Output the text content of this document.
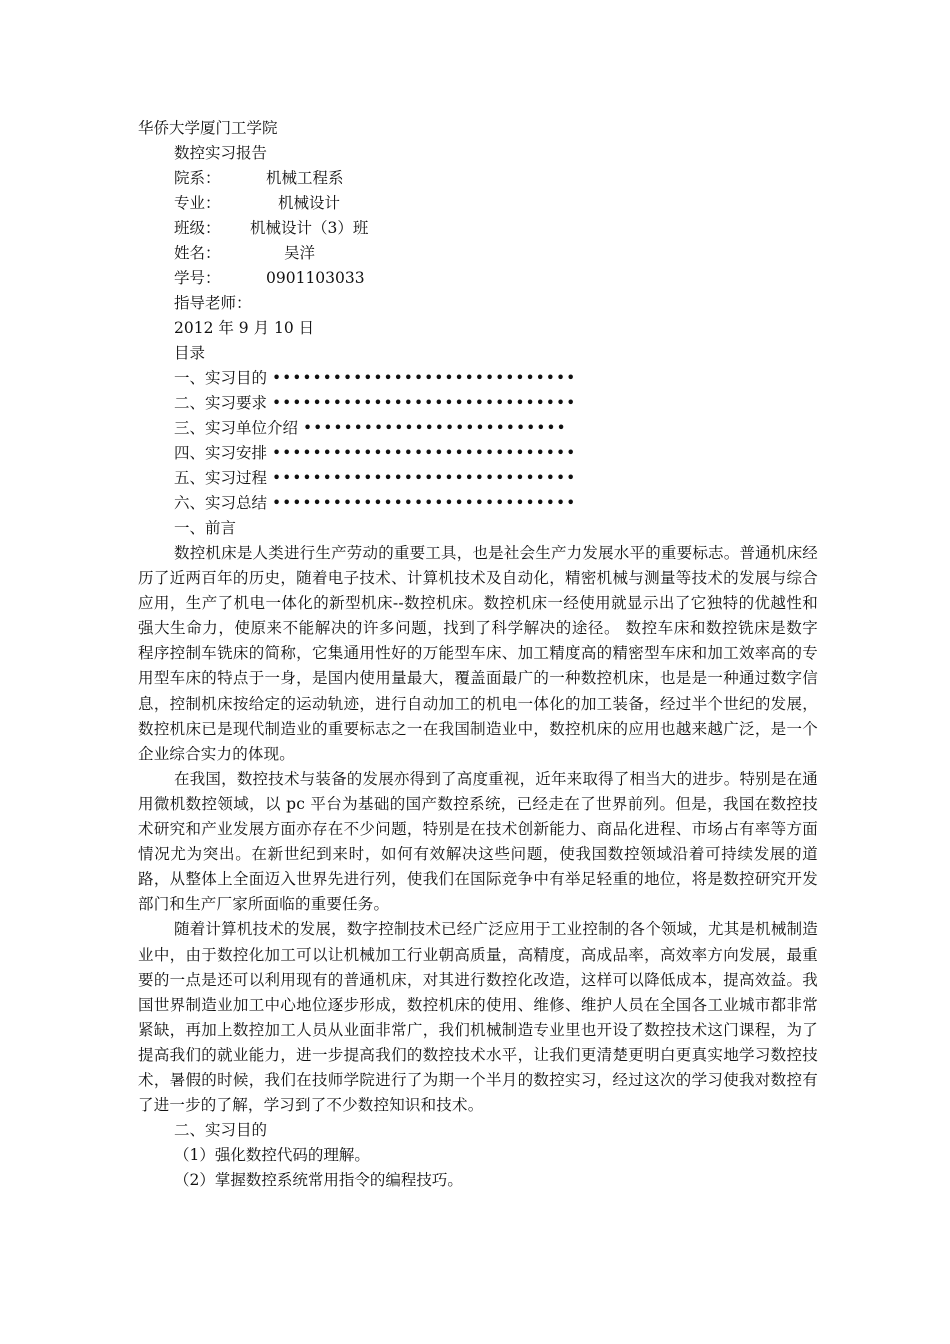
华侨大学厦门工学院
数控实习报告
院系：	机械工程系
专业：	机械设计
班级： 机械设计（3）班
姓名：	吴洋
学号：	0901103033
指导老师：
2012 年 9 月 10 日
目录
一、实习目的 ••••••••••••••••••••••••••••••
二、实习要求 ••••••••••••••••••••••••••••••
三、实习单位介绍 ••••••••••••••••••••••••••
四、实习安排 ••••••••••••••••••••••••••••••
五、实习过程 ••••••••••••••••••••••••••••••
六、实习总结 ••••••••••••••••••••••••••••••
一、前言

数控机床是人类进行生产劳动的重要工具，也是社会生产力发展水平的重要标志。普通机床经历了近两百年的历史，随着电子技术、计算机技术及自动化，精密机械与测量等技术的发展与综合应用，生产了机电一体化的新型机床--数控机床。数控机床一经使用就显示出了它独特的优越性和强大生命力，使原来不能解决的许多问题，找到了科学解决的途径。 数控车床和数控铣床是数字程序控制车铣床的简称，它集通用性好的万能型车床、加工精度高的精密型车床和加工效率高的专用型车床的特点于一身，是国内使用量最大，覆盖面最广的一种数控机床，也是是一种通过数字信息，控制机床按给定的运动轨迹，进行自动加工的机电一体化的加工装备，经过半个世纪的发展，数控机床已是现代制造业的重要标志之一在我国制造业中，数控机床的应用也越来越广泛，是一个企业综合实力的体现。

在我国，数控技术与装备的发展亦得到了高度重视，近年来取得了相当大的进步。特别是在通用微机数控领域，以 pc 平台为基础的国产数控系统，已经走在了世界前列。但是，我国在数控技术研究和产业发展方面亦存在不少问题，特别是在技术创新能力、商品化进程、市场占有率等方面情况尤为突出。在新世纪到来时，如何有效解决这些问题，使我国数控领域沿着可持续发展的道路，从整体上全面迈入世界先进行列，使我们在国际竞争中有举足轻重的地位，将是数控研究开发部门和生产厂家所面临的重要任务。

随着计算机技术的发展，数字控制技术已经广泛应用于工业控制的各个领域，尤其是机械制造业中，由于数控化加工可以让机械加工行业朝高质量，高精度，高成品率，高效率方向发展，最重要的一点是还可以利用现有的普通机床，对其进行数控化改造，这样可以降低成本，提高效益。我国世界制造业加工中心地位逐步形成，数控机床的使用、维修、维护人员在全国各工业城市都非常紧缺，再加上数控加工人员从业面非常广，我们机械制造专业里也开设了数控技术这门课程，为了提高我们的就业能力，进一步提高我们的数控技术水平，让我们更清楚更明白更真实地学习数控技术，暑假的时候，我们在技师学院进行了为期一个半月的数控实习，经过这次的学习使我对数控有了进一步的了解，学习到了不少数控知识和技术。

二、实习目的
（1）强化数控代码的理解。
（2）掌握数控系统常用指令的编程技巧。
